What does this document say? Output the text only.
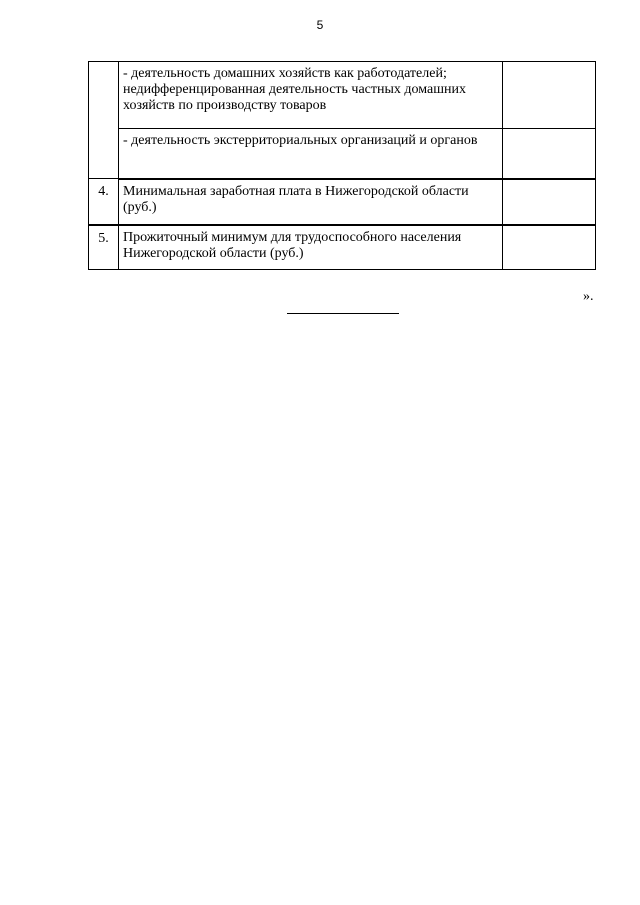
5
	- деятельность домашних хозяйств как работодателей; недифференцированная деятельность частных домашних хозяйств по производству товаров	
	- деятельность экстерриториальных организаций и органов	
4.	Минимальная заработная плата в Нижегородской области (руб.)	
5.	Прожиточный минимум для трудоспособного населения Нижегородской области (руб.)	
».
